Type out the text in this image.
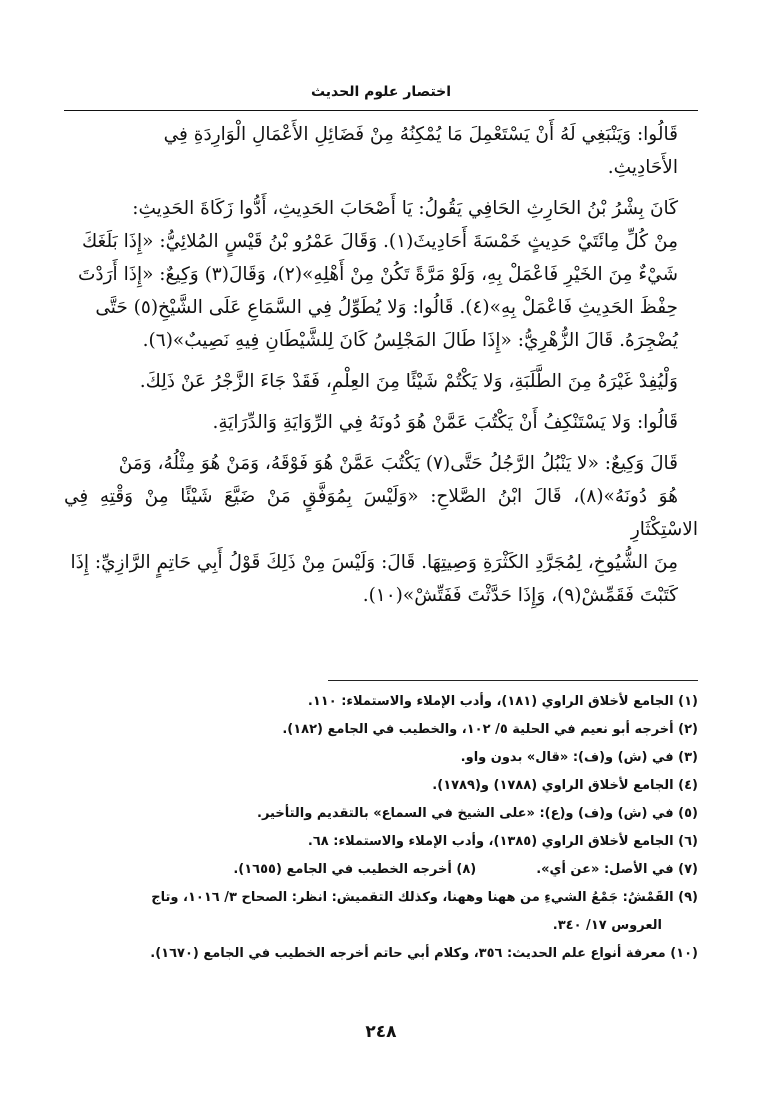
اختصار علوم الحديث

قَالُوا: وَيَنْبَغِي لَهُ أَنْ يَسْتَعْمِلَ مَا يُمْكِنُهُ مِنْ فَضَائِلِ الأَعْمَالِ الْوَارِدَةِ فِي
الأَحَادِيثِ.

كَانَ بِشْرُ بْنُ الحَارِثِ الحَافِي يَقُولُ: يَا أَصْحَابَ الحَدِيثِ، أَدُّوا زَكَاةَ الحَدِيثِ:
مِنْ كُلِّ مِائَتَيْ حَدِيثٍ خَمْسَةَ أَحَادِيثَ(١). وَقَالَ عَمْرُو بْنُ قَيْسٍ المُلائِيُّ: «إِذَا بَلَغَكَ
شَيْءٌ مِنَ الخَيْرِ فَاعْمَلْ بِهِ، وَلَوْ مَرَّةً تَكُنْ مِنْ أَهْلِهِ»(٢)، وَقَالَ(٣) وَكِيعٌ: «إِذَا أَرَدْتَ
حِفْظَ الحَدِيثِ فَاعْمَلْ بِهِ»(٤). قَالُوا: وَلا يُطَوِّلُ فِي السَّمَاعِ عَلَى الشَّيْخِ(٥) حَتَّى
يُضْجِرَهُ. قَالَ الزُّهْرِيُّ: «إِذَا طَالَ المَجْلِسُ كَانَ لِلشَّيْطَانِ فِيهِ نَصِيبٌ»(٦).

وَلْيُفِدْ غَيْرَهُ مِنَ الطَّلَبَةِ، وَلا يَكْتُمْ شَيْئًا مِنَ العِلْمِ، فَقَدْ جَاءَ الزَّجْرُ عَنْ ذَلِكَ.

قَالُوا: وَلا يَسْتَنْكِفُ أَنْ يَكْتُبَ عَمَّنْ هُوَ دُونَهُ فِي الرِّوَايَةِ وَالدِّرَايَةِ.

قَالَ وَكِيعٌ: «لا يَنْبُلُ الرَّجُلُ حَتَّى(٧) يَكْتُبَ عَمَّنْ هُوَ فَوْقَهُ، وَمَنْ هُوَ مِثْلُهُ، وَمَنْ
هُوَ دُونَهُ»(٨)، قَالَ ابْنُ الصَّلاحِ: «وَلَيْسَ بِمُوَفَّقٍ مَنْ ضَيَّعَ شَيْئًا مِنْ وَقْتِهِ فِي الاسْتِكْثَارِ
مِنَ الشُّيُوخِ، لِمُجَرَّدِ الكَثْرَةِ وَصِيتِهَا. قَالَ: وَلَيْسَ مِنْ ذَلِكَ قَوْلُ أَبِي حَاتِمٍ الرَّازِيِّ: إِذَا
كَتَبْتَ فَقَمِّشْ(٩)، وَإِذَا حَدَّثْتَ فَفَتِّشْ»(١٠).

(١) الجامع لأخلاق الراوي (١٨١)، وأدب الإملاء والاستملاء: ١١٠.
(٢) أخرجه أبو نعيم في الحلية ٥/ ١٠٢، والخطيب في الجامع (١٨٢).
(٣) في (ش) و(ف): «قال» بدون واو.
(٤) الجامع لأخلاق الراوي (١٧٨٨) و(١٧٨٩).
(٥) في (ش) و(ف) و(ع): «على الشيخ في السماع» بالتقديم والتأخير.
(٦) الجامع لأخلاق الراوي (١٣٨٥)، وأدب الإملاء والاستملاء: ٦٨.
(٧) في الأصل: «عن أي».
(٨) أخرجه الخطيب في الجامع (١٦٥٥).
(٩) القَمْشُ: جَمْعُ الشيءِ من ههنا وههنا، وكذلك التقميش: انظر: الصحاح ٣/ ١٠١٦، وتاج
العروس ١٧/ ٣٤٠.
(١٠) معرفة أنواع علم الحديث: ٣٥٦، وكلام أبي حاتم أخرجه الخطيب في الجامع (١٦٧٠).
٢٤٨
